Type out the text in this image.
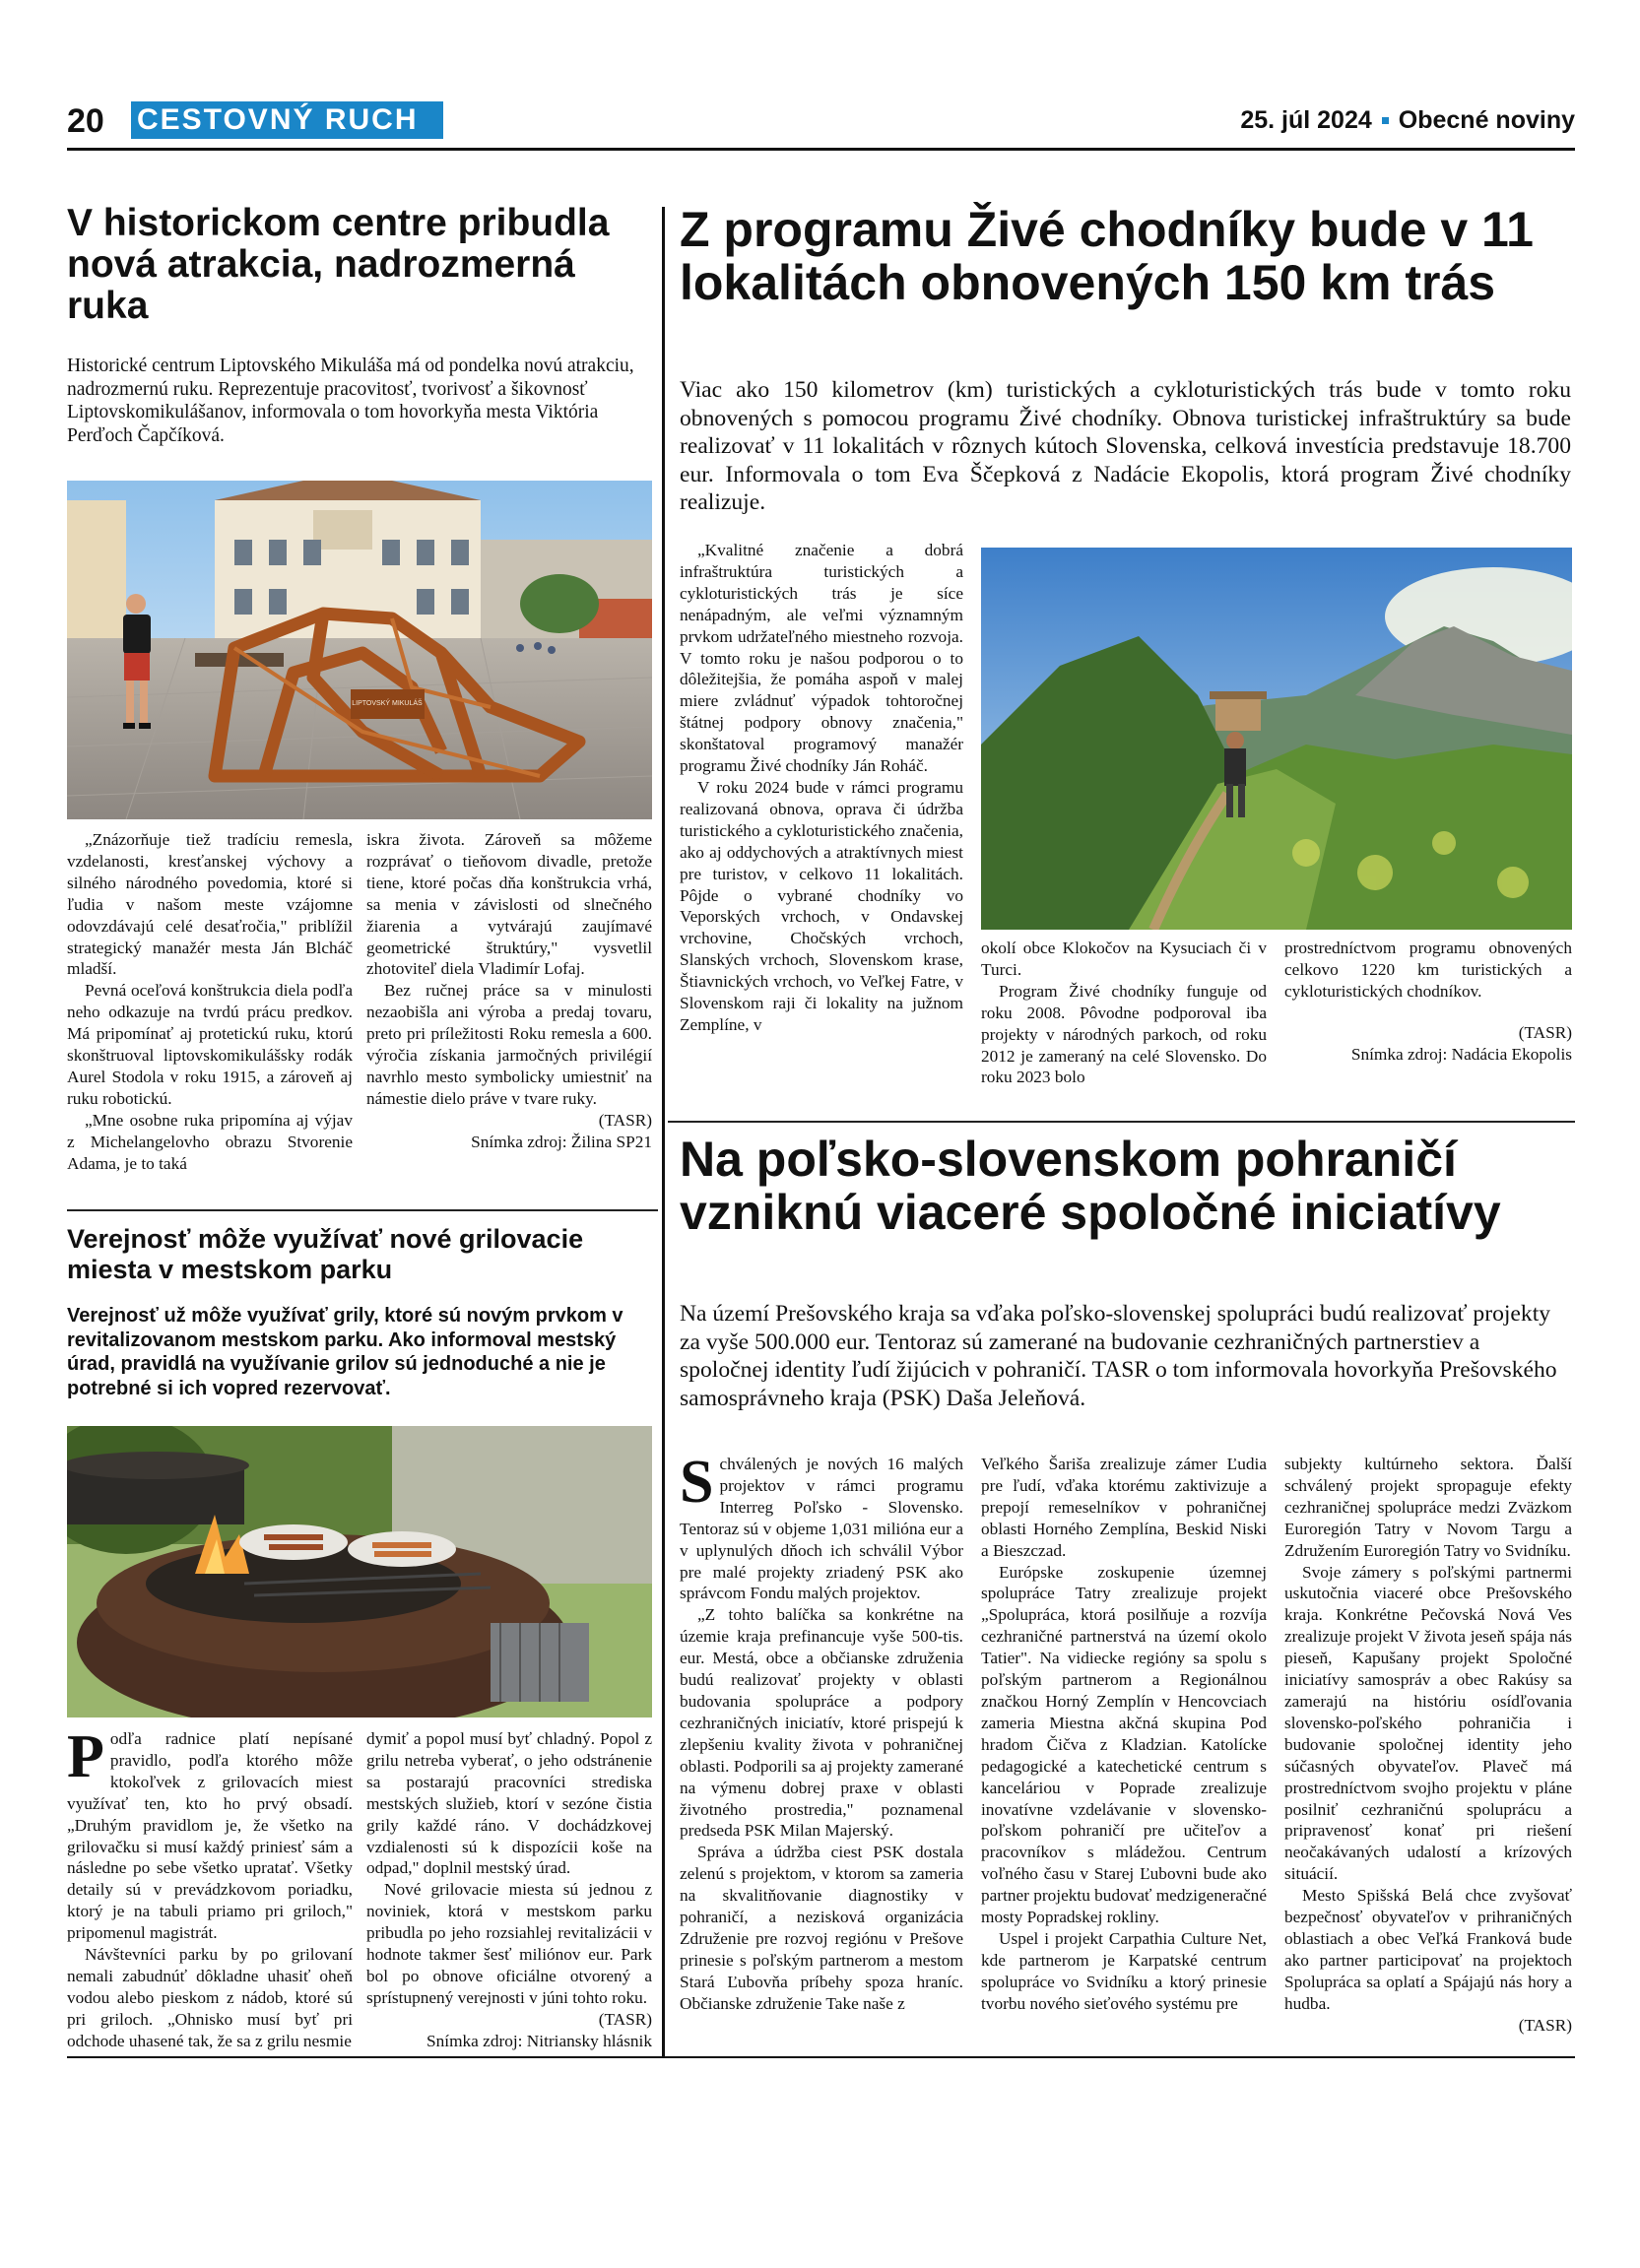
20 CESTOVNÝ RUCH	25. júl 2024 Obecné noviny
V historickom centre pribudla nová atrakcia, nadrozmerná ruka
Historické centrum Liptovského Mikuláša má od pondelka novú atrakciu, nadrozmernú ruku. Reprezentuje pracovitosť, tvorivosť a šikovnosť Liptovskomikulášanov, informovala o tom hovorkyňa mesta Viktória Perďoch Čapčíková.
LIPTOVSKÝ MIKULÁŠ

„Znázorňuje tiež tradíciu remesla, vzdelanosti, kresťanskej výchovy a silného národného povedomia, ktoré si ľudia v našom meste vzájomne odovzdávajú celé desaťročia," priblížil strategický manažér mesta Ján Blcháč mladší.

Pevná oceľová konštrukcia diela podľa neho odkazuje na tvrdú prácu predkov. Má pripomínať aj protetickú ruku, ktorú skonštruoval liptovskomikulášsky rodák Aurel Stodola v roku 1915, a zároveň aj ruku robotickú.

„Mne osobne ruka pripomína aj výjav z Michelangelovho obrazu Stvorenie Adama, je to taká

iskra života. Zároveň sa môžeme rozprávať o tieňovom divadle, pretože tiene, ktoré počas dňa konštrukcia vrhá, sa menia v závislosti od slnečného žiarenia a vytvárajú zaujímavé geometrické štruktúry," vysvetlil zhotoviteľ diela Vladimír Lofaj.

Bez ručnej práce sa v minulosti nezaobišla ani výroba a predaj tovaru, preto pri príležitosti Roku remesla a 600. výročia získania jarmočných privilégií navrhlo mesto symbolicky umiestniť na námestie dielo práve v tvare ruky.

(TASR)
Snímka zdroj: Žilina SP21
Z programu Živé chodníky bude v 11 lokalitách obnovených 150 km trás
Viac ako 150 kilometrov (km) turistických a cykloturistických trás bude v tomto roku obnovených s pomocou programu Živé chodníky. Obnova turistickej infraštruktúry sa bude realizovať v 11 lokalitách v rôznych kútoch Slovenska, celková investícia predstavuje 18.700 eur. Informovala o tom Eva Ščepková z Nadácie Ekopolis, ktorá program Živé chodníky realizuje.

„Kvalitné značenie a dobrá infraštruktúra turistických a cykloturistických trás je síce nenápadným, ale veľmi významným prvkom udržateľného miestneho rozvoja. V tomto roku je našou podporou o to dôležitejšia, že pomáha aspoň v malej miere zvládnuť výpadok tohtoročnej štátnej podpory obnovy značenia," skonštatoval programový manažér programu Živé chodníky Ján Roháč.

V roku 2024 bude v rámci programu realizovaná obnova, oprava či údržba turistického a cykloturistického značenia, ako aj oddychových a atraktívnych miest pre turistov, v celkovo 11 lokalitách. Pôjde o vybrané chodníky vo Veporských vrchoch, v Ondavskej vrchovine, Chočských vrchoch, Slanských vrchoch, Slovenskom krase, Štiavnických vrchoch, vo Veľkej Fatre, v Slovenskom raji či lokality na južnom Zemplíne, v

okolí obce Klokočov na Kysuciach či v Turci.

Program Živé chodníky funguje od roku 2008. Pôvodne podporoval iba projekty v národných parkoch, od roku 2012 je zameraný na celé Slovensko. Do roku 2023 bolo

prostredníctvom programu obnovených celkovo 1220 km turistických a cykloturistických chodníkov.

(TASR)
Snímka zdroj: Nadácia Ekopolis
Verejnosť môže využívať nové grilovacie miesta v mestskom parku
Verejnosť už môže využívať grily, ktoré sú novým prvkom v revitalizovanom mestskom parku. Ako informoval mestský úrad, pravidlá na využívanie grilov sú jednoduché a nie je potrebné si ich vopred rezervovať.

Podľa radnice platí nepísané pravidlo, podľa ktorého môže ktokoľvek z grilovacích miest využívať ten, kto ho prvý obsadí. „Druhým pravidlom je, že všetko na grilovačku si musí každý priniesť sám a následne po sebe všetko upratať. Všetky detaily sú v prevádzkovom poriadku, ktorý je na tabuli priamo pri griloch," pripomenul magistrát.

Návštevníci parku by po grilovaní nemali zabudnúť dôkladne uhasiť oheň vodou alebo pieskom z nádob, ktoré sú pri griloch. „Ohnisko musí byť pri odchode uhasené tak, že sa z grilu nesmie

dymiť a popol musí byť chladný. Popol z grilu netreba vyberať, o jeho odstránenie sa postarajú pracovníci strediska mestských služieb, ktorí v sezóne čistia grily každé ráno. V dochádzkovej vzdialenosti sú k dispozícii koše na odpad," doplnil mestský úrad.

Nové grilovacie miesta sú jednou z noviniek, ktorá v mestskom parku pribudla po jeho rozsiahlej revitalizácii v hodnote takmer šesť miliónov eur. Park bol po obnove oficiálne otvorený a sprístupnený verejnosti v júni tohto roku.

(TASR)
Snímka zdroj: Nitriansky hlásnik
Na poľsko-slovenskom pohraničí vzniknú viaceré spoločné iniciatívy
Na území Prešovského kraja sa vďaka poľsko-slovenskej spolupráci budú realizovať projekty za vyše 500.000 eur. Tentoraz sú zamerané na budovanie cezhraničných partnerstiev a spoločnej identity ľudí žijúcich v pohraničí. TASR o tom informovala hovorkyňa Prešovského samosprávneho kraja (PSK) Daša Jeleňová.

Schválených je nových 16 malých projektov v rámci programu Interreg Poľsko - Slovensko. Tentoraz sú v objeme 1,031 milióna eur a v uplynulých dňoch ich schválil Výbor pre malé projekty zriadený PSK ako správcom Fondu malých projektov.

„Z tohto balíčka sa konkrétne na územie kraja prefinancuje vyše 500-tis. eur. Mestá, obce a občianske združenia budú realizovať projekty v oblasti budovania spolupráce a podpory cezhraničných iniciatív, ktoré prispejú k zlepšeniu kvality života v pohraničnej oblasti. Podporili sa aj projekty zamerané na výmenu dobrej praxe v oblasti životného prostredia," poznamenal predseda PSK Milan Majerský.

Správa a údržba ciest PSK dostala zelenú s projektom, v ktorom sa zameria na skvalitňovanie diagnostiky v pohraničí, a nezisková organizácia Združenie pre rozvoj regiónu v Prešove prinesie s poľským partnerom a mestom Stará Ľubovňa príbehy spoza hraníc. Občianske združenie Take naše z

Veľkého Šariša zrealizuje zámer Ľudia pre ľudí, vďaka ktorému zaktivizuje a prepojí remeselníkov v pohraničnej oblasti Horného Zemplína, Beskid Niski a Bieszczad.

Európske zoskupenie územnej spolupráce Tatry zrealizuje projekt „Spolupráca, ktorá posilňuje a rozvíja cezhraničné partnerstvá na území okolo Tatier". Na vidiecke regióny sa spolu s poľským partnerom a Regionálnou značkou Horný Zemplín v Hencovciach zameria Miestna akčná skupina Pod hradom Čičva z Kladzian. Katolícke pedagogické a katechetické centrum s kanceláriou v Poprade zrealizuje inovatívne vzdelávanie v slovensko-poľskom pohraničí pre učiteľov a pracovníkov s mládežou. Centrum voľného času v Starej Ľubovni bude ako partner projektu budovať medzigeneračné mosty Popradskej rokliny.

Uspel i projekt Carpathia Culture Net, kde partnerom je Karpatské centrum spolupráce vo Svidníku a ktorý prinesie tvorbu nového sieťového systému pre

subjekty kultúrneho sektora. Ďalší schválený projekt spropaguje efekty cezhraničnej spolupráce medzi Zväzkom Euroregión Tatry v Novom Targu a Združením Euroregión Tatry vo Svidníku.

Svoje zámery s poľskými partnermi uskutočnia viaceré obce Prešovského kraja. Konkrétne Pečovská Nová Ves zrealizuje projekt V života jeseň spája nás pieseň, Kapušany projekt Spoločné iniciatívy samospráv a obec Rakúsy sa zamerajú na históriu osídľovania slovensko-poľského pohraničia i budovanie spoločnej identity jeho súčasných obyvateľov. Plaveč má prostredníctvom svojho projektu v pláne posilniť cezhraničnú spoluprácu a pripravenosť konať pri riešení neočakávaných udalostí a krízových situácií.

Mesto Spišská Belá chce zvyšovať bezpečnosť obyvateľov v prihraničných oblastiach a obec Veľká Franková bude ako partner participovať na projektoch Spolupráca sa oplatí a Spájajú nás hory a hudba.

(TASR)
